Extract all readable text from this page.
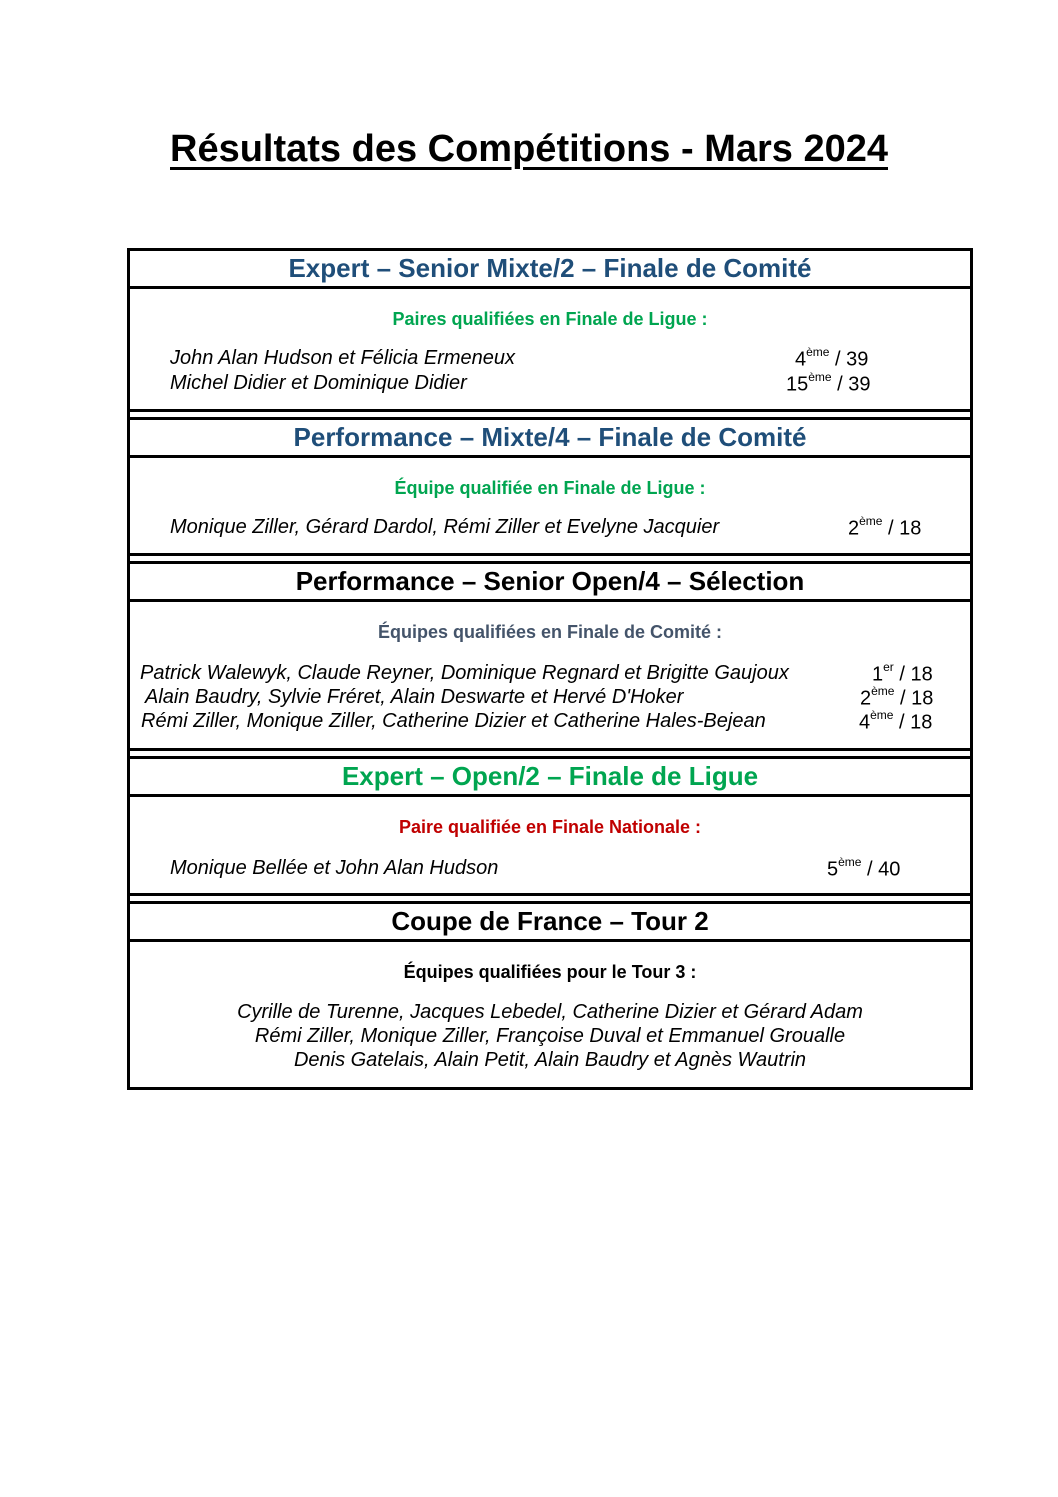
Résultats des Compétitions - Mars 2024
Expert – Senior Mixte/2 – Finale de Comité
Paires qualifiées en Finale de Ligue :
John Alan Hudson et Félicia Ermeneux	4ème / 39
Michel Didier et Dominique Didier	15ème / 39
Performance – Mixte/4 – Finale de Comité
Équipe qualifiée en Finale de Ligue :
Monique Ziller, Gérard Dardol, Rémi Ziller et Evelyne Jacquier	2ème / 18
Performance – Senior Open/4 – Sélection
Équipes qualifiées en Finale de Comité :
Patrick Walewyk, Claude Reyner, Dominique Regnard et Brigitte Gaujoux	1er / 18
Alain Baudry, Sylvie Fréret, Alain Deswarte et Hervé D'Hoker	2ème / 18
Rémi Ziller, Monique Ziller, Catherine Dizier et Catherine Hales-Bejean	4ème / 18
Expert – Open/2 – Finale de Ligue
Paire qualifiée en Finale Nationale :
Monique Bellée et John Alan Hudson	5ème / 40
Coupe de France – Tour 2
Équipes qualifiées pour le Tour 3 :
Cyrille de Turenne, Jacques Lebedel, Catherine Dizier et Gérard Adam
Rémi Ziller, Monique Ziller, Françoise Duval et Emmanuel Groualle
Denis Gatelais, Alain Petit, Alain Baudry et Agnès Wautrin
